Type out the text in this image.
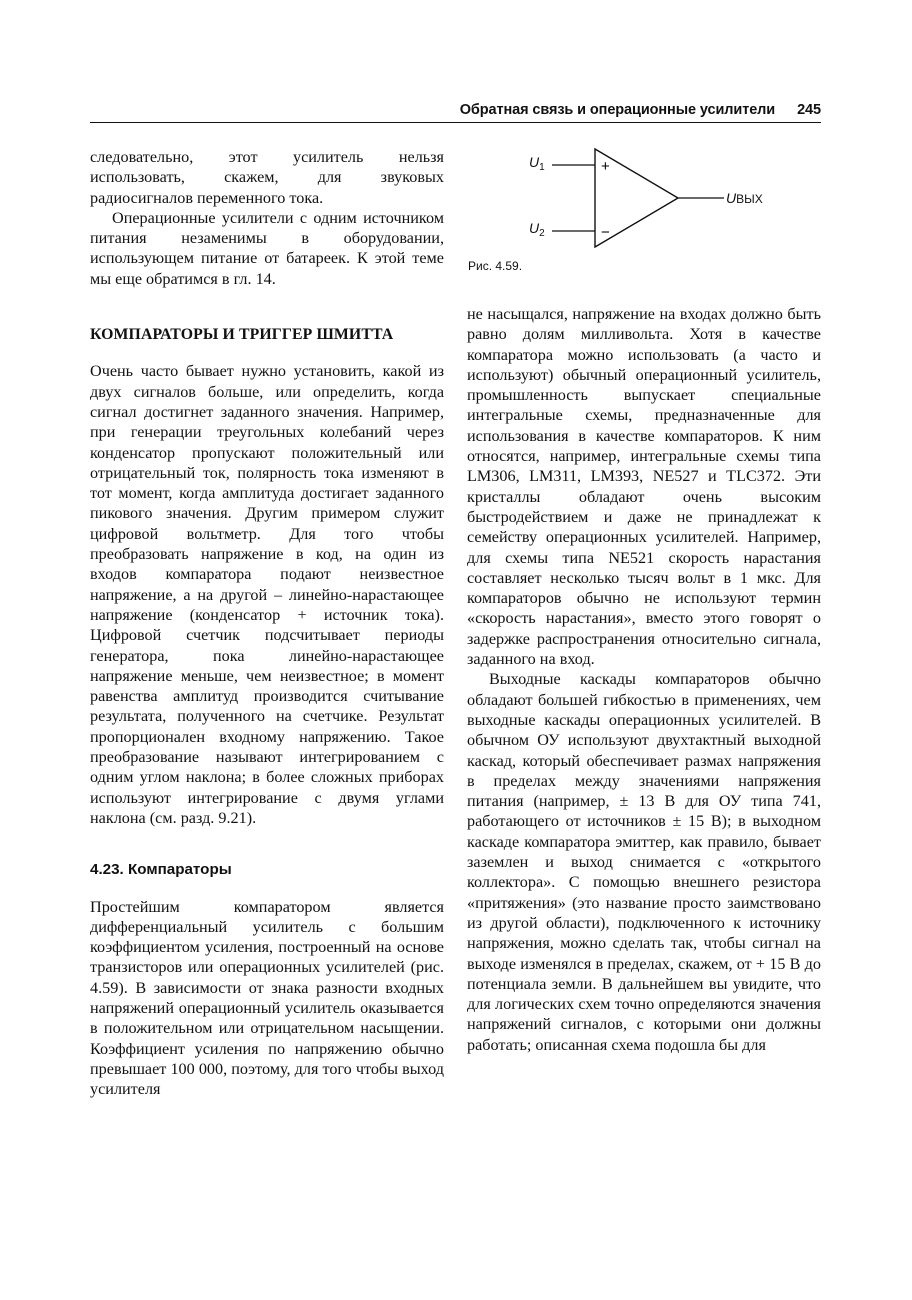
Обратная связь и операционные усилители 245
+
−
$U_1$
$U_2$
UВЫХ
Рис. 4.59.

следовательно, этот усилитель нельзя использовать, скажем, для звуковых радиосигналов переменного тока.

Операционные усилители с одним источником питания незаменимы в оборудовании, использующем питание от батареек. К этой теме мы еще обратимся в гл. 14.

КОМПАРАТОРЫ И ТРИГГЕР ШМИТТА

Очень часто бывает нужно установить, какой из двух сигналов больше, или определить, когда сигнал достигнет заданного значения. Например, при генерации треугольных колебаний через конденсатор пропускают положительный или отрицательный ток, полярность тока изменяют в тот момент, когда амплитуда достигает заданного пикового значения. Другим примером служит цифровой вольтметр. Для того чтобы преобразовать напряжение в код, на один из входов компаратора подают неизвестное напряжение, а на другой – линейно-нарастающее напряжение (конденсатор + источник тока). Цифровой счетчик подсчитывает периоды генератора, пока линейно-нарастающее напряжение меньше, чем неизвестное; в момент равенства амплитуд производится считывание результата, полученного на счетчике. Результат пропорционален входному напряжению. Такое преобразование называют интегрированием с одним углом наклона; в более сложных приборах используют интегрирование с двумя углами наклона (см. разд. 9.21).

4.23. Компараторы

Простейшим компаратором является дифференциальный усилитель с большим коэффициентом усиления, построенный на основе транзисторов или операционных усилителей (рис. 4.59). В зависимости от знака разности входных напряжений операционный усилитель оказывается в положительном или отрицательном насыщении. Коэффициент усиления по напряжению обычно превышает 100 000, поэтому, для того чтобы выход усилителя

не насыщался, напряжение на входах должно быть равно долям милливольта. Хотя в качестве компаратора можно использовать (а часто и используют) обычный операционный усилитель, промышленность выпускает специальные интегральные схемы, предназначенные для использования в качестве компараторов. К ним относятся, например, интегральные схемы типа LM306, LM311, LM393, NE527 и TLC372. Эти кристаллы обладают очень высоким быстродействием и даже не принадлежат к семейству операционных усилителей. Например, для схемы типа NE521 скорость нарастания составляет несколько тысяч вольт в 1 мкс. Для компараторов обычно не используют термин «скорость нарастания», вместо этого говорят о задержке распространения относительно сигнала, заданного на вход.

Выходные каскады компараторов обычно обладают большей гибкостью в применениях, чем выходные каскады операционных усилителей. В обычном ОУ используют двухтактный выходной каскад, который обеспечивает размах напряжения в пределах между значениями напряжения питания (например, ± 13 В для ОУ типа 741, работающего от источников ± 15 В); в выходном каскаде компаратора эмиттер, как правило, бывает заземлен и выход снимается с «открытого коллектора». С помощью внешнего резистора «притяжения» (это название просто заимствовано из другой области), подключенного к источнику напряжения, можно сделать так, чтобы сигнал на выходе изменялся в пределах, скажем, от + 15 В до потенциала земли. В дальнейшем вы увидите, что для логических схем точно определяются значения напряжений сигналов, с которыми они должны работать; описанная схема подошла бы для
